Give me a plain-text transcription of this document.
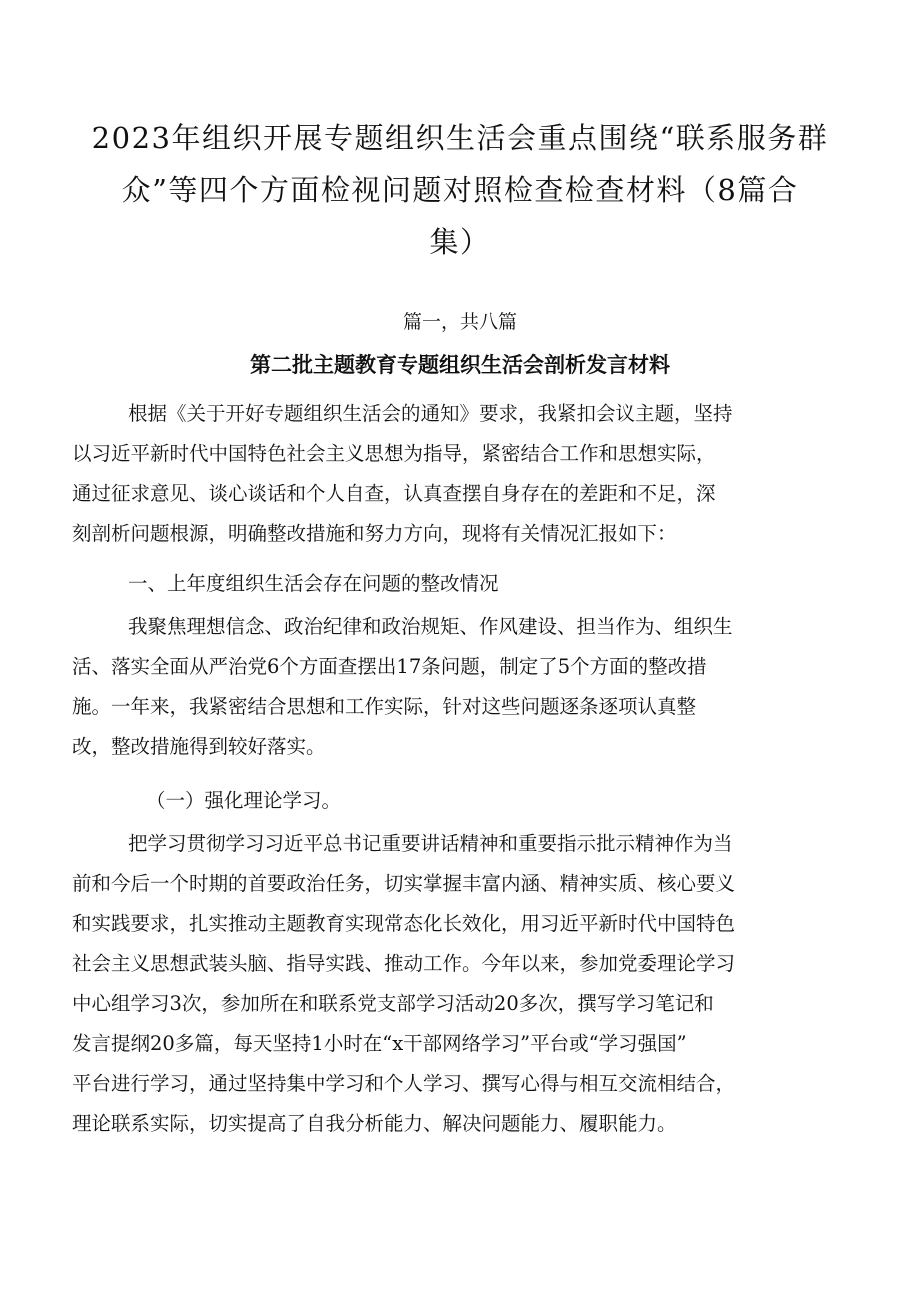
2023年组织开展专题组织生活会重点围绕“联系服务群
众”等四个方面检视问题对照检查检查材料（8篇合
集）

篇一，共八篇

第二批主题教育专题组织生活会剖析发言材料

根据《关于开好专题组织生活会的通知》要求，我紧扣会议主题，坚持
以习近平新时代中国特色社会主义思想为指导，紧密结合工作和思想实际，
通过征求意见、谈心谈话和个人自查，认真查摆自身存在的差距和不足，深
刻剖析问题根源，明确整改措施和努力方向，现将有关情况汇报如下：

一、上年度组织生活会存在问题的整改情况

我聚焦理想信念、政治纪律和政治规矩、作风建设、担当作为、组织生
活、落实全面从严治党6个方面查摆出17条问题，制定了5个方面的整改措
施。一年来，我紧密结合思想和工作实际，针对这些问题逐条逐项认真整
改，整改措施得到较好落实。

（一）强化理论学习。

把学习贯彻学习习近平总书记重要讲话精神和重要指示批示精神作为当
前和今后一个时期的首要政治任务，切实掌握丰富内涵、精神实质、核心要义
和实践要求，扎实推动主题教育实现常态化长效化，用习近平新时代中国特色
社会主义思想武装头脑、指导实践、推动工作。今年以来，参加党委理论学习
中心组学习3次，参加所在和联系党支部学习活动20多次，撰写学习笔记和
发言提纲20多篇，每天坚持1小时在“x干部网络学习”平台或“学习强国”
平台进行学习，通过坚持集中学习和个人学习、撰写心得与相互交流相结合，
理论联系实际，切实提高了自我分析能力、解决问题能力、履职能力。
